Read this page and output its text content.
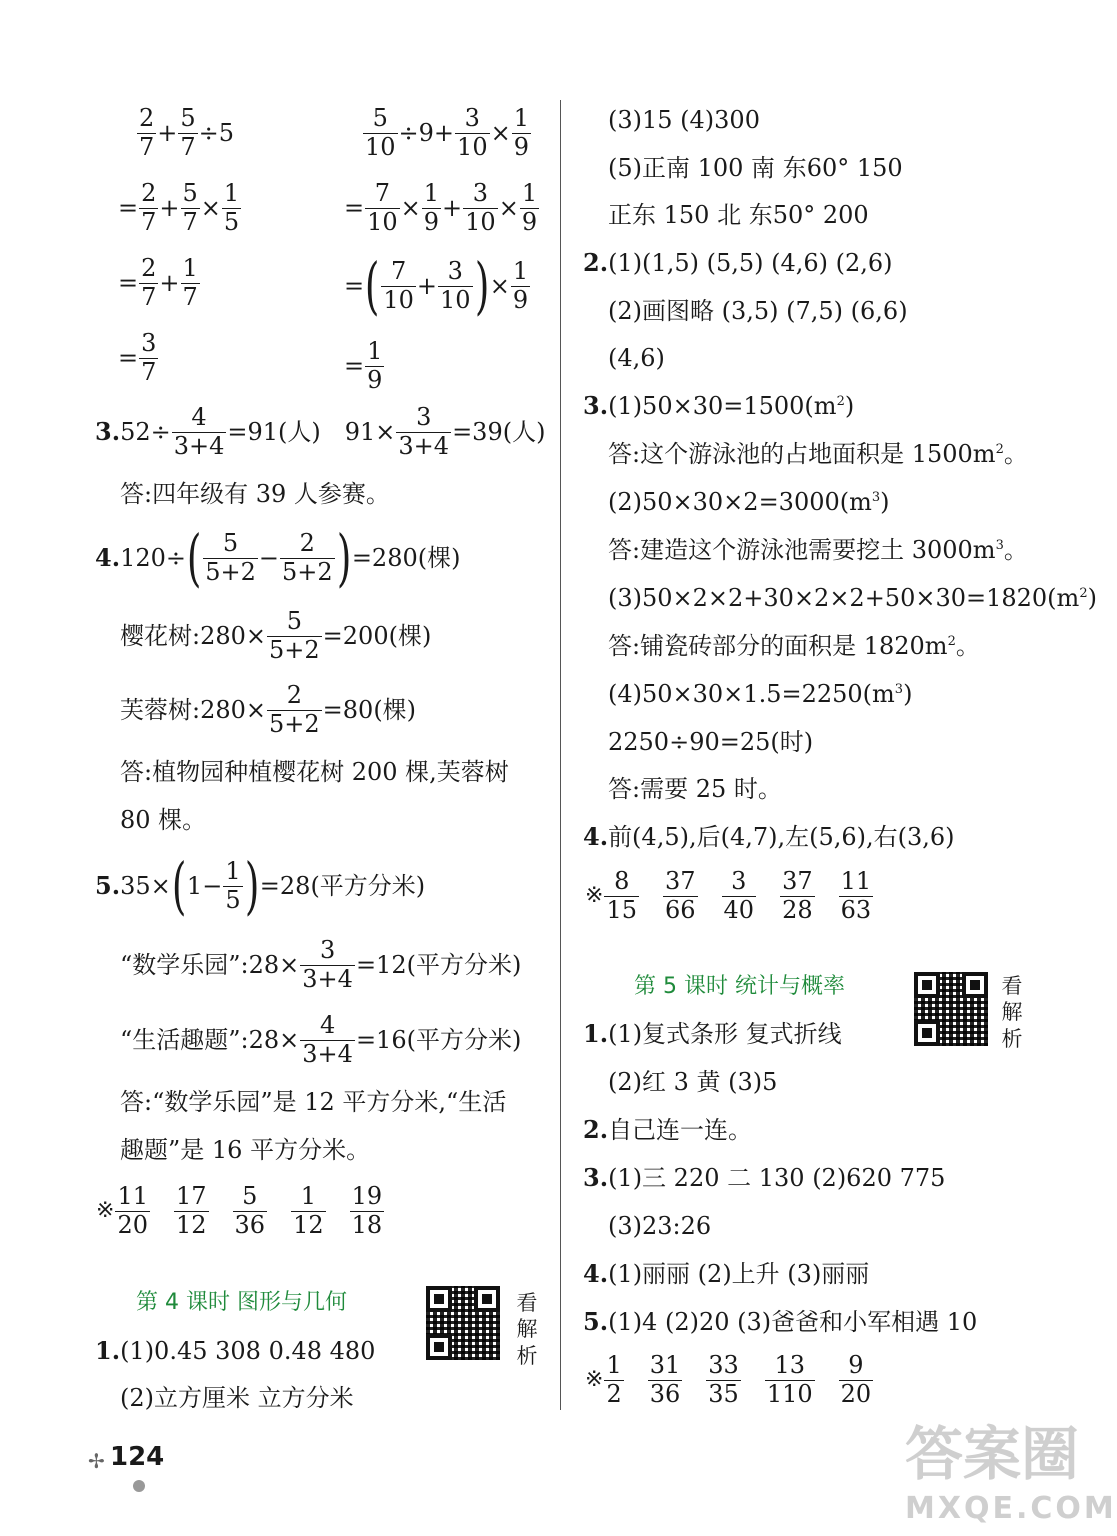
$\frac{2}{7} + \frac{5}{7} \div 5$
= $\frac{2}{7} + \frac{5}{7} \times \frac{1}{5}$
= $\frac{2}{7} + \frac{1}{7}$
= $\frac{3}{7}$
$\frac{5}{10} \div 9+ \frac{3}{10} \times \frac{1}{9}$
= $\frac{7}{10} \times \frac{1}{9} + \frac{3}{10} \times \frac{1}{9}$
= ( $\frac{7}{10} + \frac{3}{10}$ ) × $\frac{1}{9}$
= $\frac{1}{9}$
3. $52\div \frac{4}{3+4} =91$(人) $91\times \frac{3}{3+4} =39$(人)
答:四年级有 39 人参赛。
4. 120÷ ( $\frac{5}{5+2} - \frac{2}{5+2}$ ) =280(棵)
樱花树:280× $\frac{5}{5+2} =200$(棵)
芙蓉树:280× $\frac{2}{5+2} =80$(棵)
答:植物园种植樱花树 200 棵,芙蓉树
80 棵。
5. 35× ( $1- \frac{1}{5}$ ) =28(平方分米)
“数学乐园”:28× $\frac{3}{3+4} =12$(平方分米)
“生活趣题”:28× $\frac{4}{3+4} =16$(平方分米)
答:“数学乐园”是 12 平方分米,“生活
趣题”是 16 平方分米。
※ $\frac{11}{20} \frac{17}{12} \frac{5}{36} \frac{1}{12} \frac{19}{18}$
第 4 课时 图形与几何	看解析
1.(1)0.45 308 0.48 480
(2)立方厘米 立方分米
✢ 124
(3)15 (4)300
(5)正南 100 南 东60° 150
正东 150 北 东50° 200
2.(1)(1,5) (5,5) (4,6) (2,6)
(2)画图略 (3,5) (7,5) (6,6)
(4,6)
$3.(1)50\times 30=1500(m^2)$
答:这个游泳池的占地面积是 $1500m^2$。
$(2)50\times 30\times 2=3000(m^3)$
答:建造这个游泳池需要挖土 $3000m^3$。
$(3)50\times 2\times 2+30\times 2\times 2+50\times 30=1820(m^2)$
答:铺瓷砖部分的面积是 $1820m^2$。
$(4)50\times 30\times 1.5=2250(m^3)$
2250÷90=25(时)
答:需要 25 时。
4.前(4,5),后(4,7),左(5,6),右(3,6)
※ $\frac{8}{15} \frac{37}{66} \frac{3}{40} \frac{37}{28} \frac{11}{63}$
第 5 课时 统计与概率	看解析
1.(1)复式条形 复式折线
(2)红 3 黄 (3)5
2.自己连一连。
3.(1)三 220 二 130 (2)620 775
(3)23:26
4.(1)丽丽 (2)上升 (3)丽丽
5.(1)4 (2)20 (3)爸爸和小军相遇 10
※ $\frac{1}{2} \frac{31}{36} \frac{33}{35} \frac{13}{110} \frac{9}{20}$
答案圈
MXQE.COM
